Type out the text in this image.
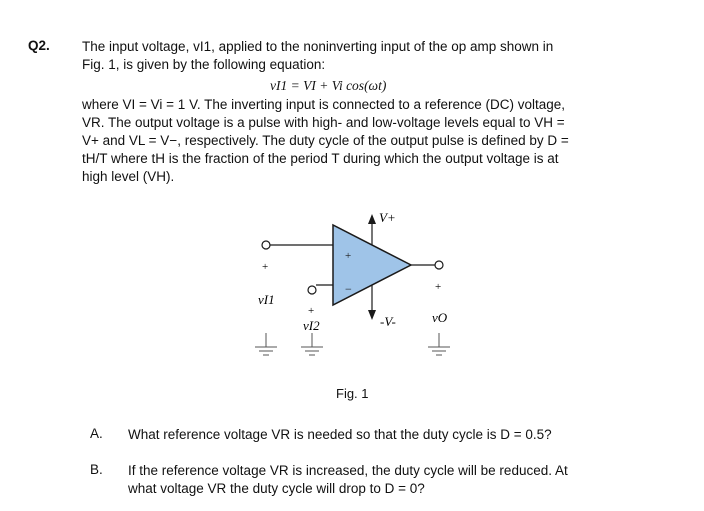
Q2. The input voltage, vI1, applied to the noninverting input of the op amp shown in
Fig. 1, is given by the following equation:
vI1 = VI + Vi cos(ωt)
where VI = Vi = 1 V. The inverting input is connected to a reference (DC) voltage,
VR. The output voltage is a pulse with high- and low-voltage levels equal to VH =
V+ and VL = V−, respectively. The duty cycle of the output pulse is defined by D =
tH/T where tH is the fraction of the period T during which the output voltage is at
high level (VH).
V+
-V-
+
−
+
vI1
+
vI2
+
vO
Fig. 1
A. What reference voltage VR is needed so that the duty cycle is D = 0.5?
B. If the reference voltage VR is increased, the duty cycle will be reduced. At
what voltage VR the duty cycle will drop to D = 0?
